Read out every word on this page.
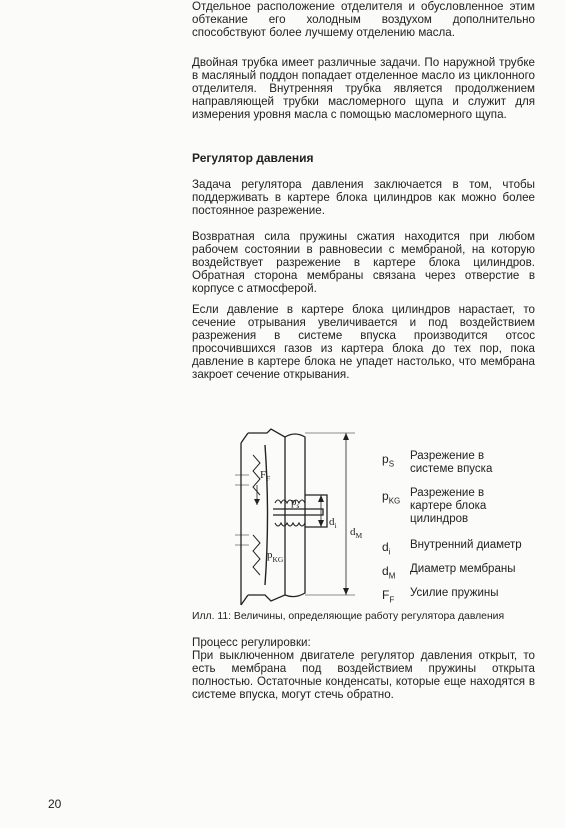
Отдельное расположение отделителя и обусловленное этим обтекание его холодным воздухом дополнительно способствуют более лучшему отделению масла.

Двойная трубка имеет различные задачи. По наружной трубке в масляный поддон попадает отделенное масло из циклонного отделителя. Внутренняя трубка является продолжением направляющей трубки масломерного щупа и служит для измерения уровня масла с помощью масломерного щупа.

Регулятор давления

Задача регулятора давления заключается в том, чтобы поддерживать в картере блока цилиндров как можно более постоянное разрежение.

Возвратная сила пружины сжатия находится при любом рабочем состоянии в равновесии с мембраной, на которую воздействует разрежение в картере блока цилиндров. Обратная сторона мембраны связана через отверстие в корпусе с атмосферой.

Если давление в картере блока цилиндров нарастает, то сечение отрывания увеличивается и под воздействием разрежения в системе впуска производится отсос просочившихся газов из картера блока до тех пор, пока давление в картере блока не упадет настолько, что мембрана закроет сечение открывания.

$F_F$
$p_s$
$p_{KG}$
$d_i$
$d_M$
$p_S$

Разрежение в системе впуска

$p_{KG}$

Разрежение в картере блока цилиндров

$d_i$

Внутренний диаметр

$d_M$

Диаметр мембраны

$F_F$

Усилие пружины

Илл. 11: Величины, определяющие работу регулятора давления

Процесс регулировки:

При выключенном двигателе регулятор давления открыт, то есть мембрана под воздействием пружины открыта полностью. Остаточные конденсаты, которые еще находятся в системе впуска, могут стечь обратно.

20
